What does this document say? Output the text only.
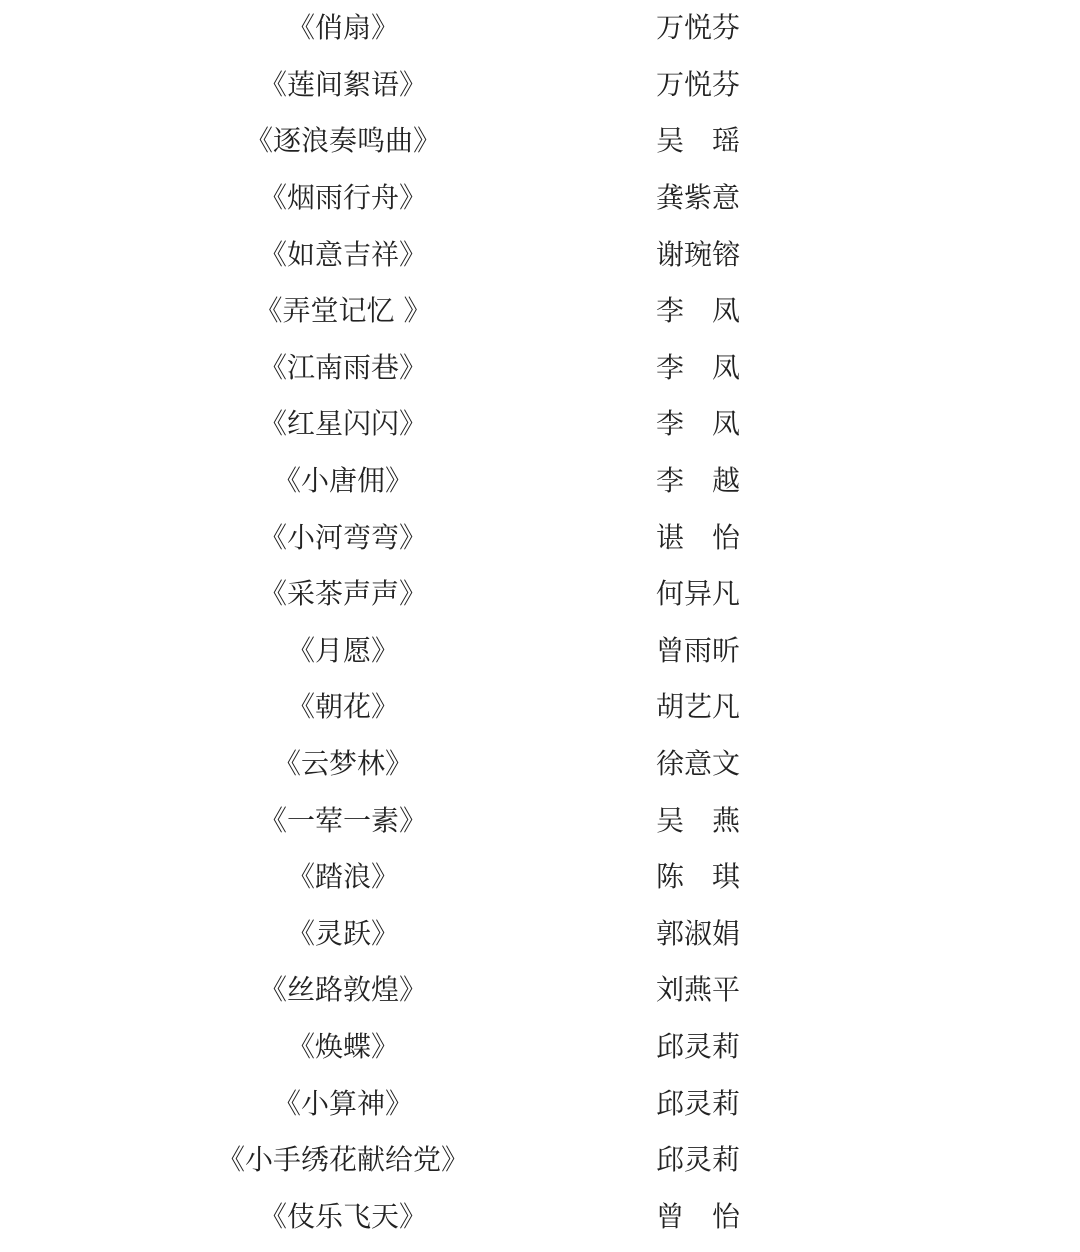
《俏扇》	万悦芬
《莲间絮语》	万悦芬
《逐浪奏鸣曲》	吴　瑶
《烟雨行舟》	龚紫意
《如意吉祥》	谢琬镕
《弄堂记忆 》	李　凤
《江南雨巷》	李　凤
《红星闪闪》	李　凤
《小唐佣》	李　越
《小河弯弯》	谌　怡
《采茶声声》	何异凡
《月愿》	曾雨昕
《朝花》	胡艺凡
《云梦林》	徐意文
《一荤一素》	吴　燕
《踏浪》	陈　琪
《灵跃》	郭淑娟
《丝路敦煌》	刘燕平
《焕蝶》	邱灵莉
《小算神》	邱灵莉
《小手绣花献给党》	邱灵莉
《伎乐飞天》	曾　怡
